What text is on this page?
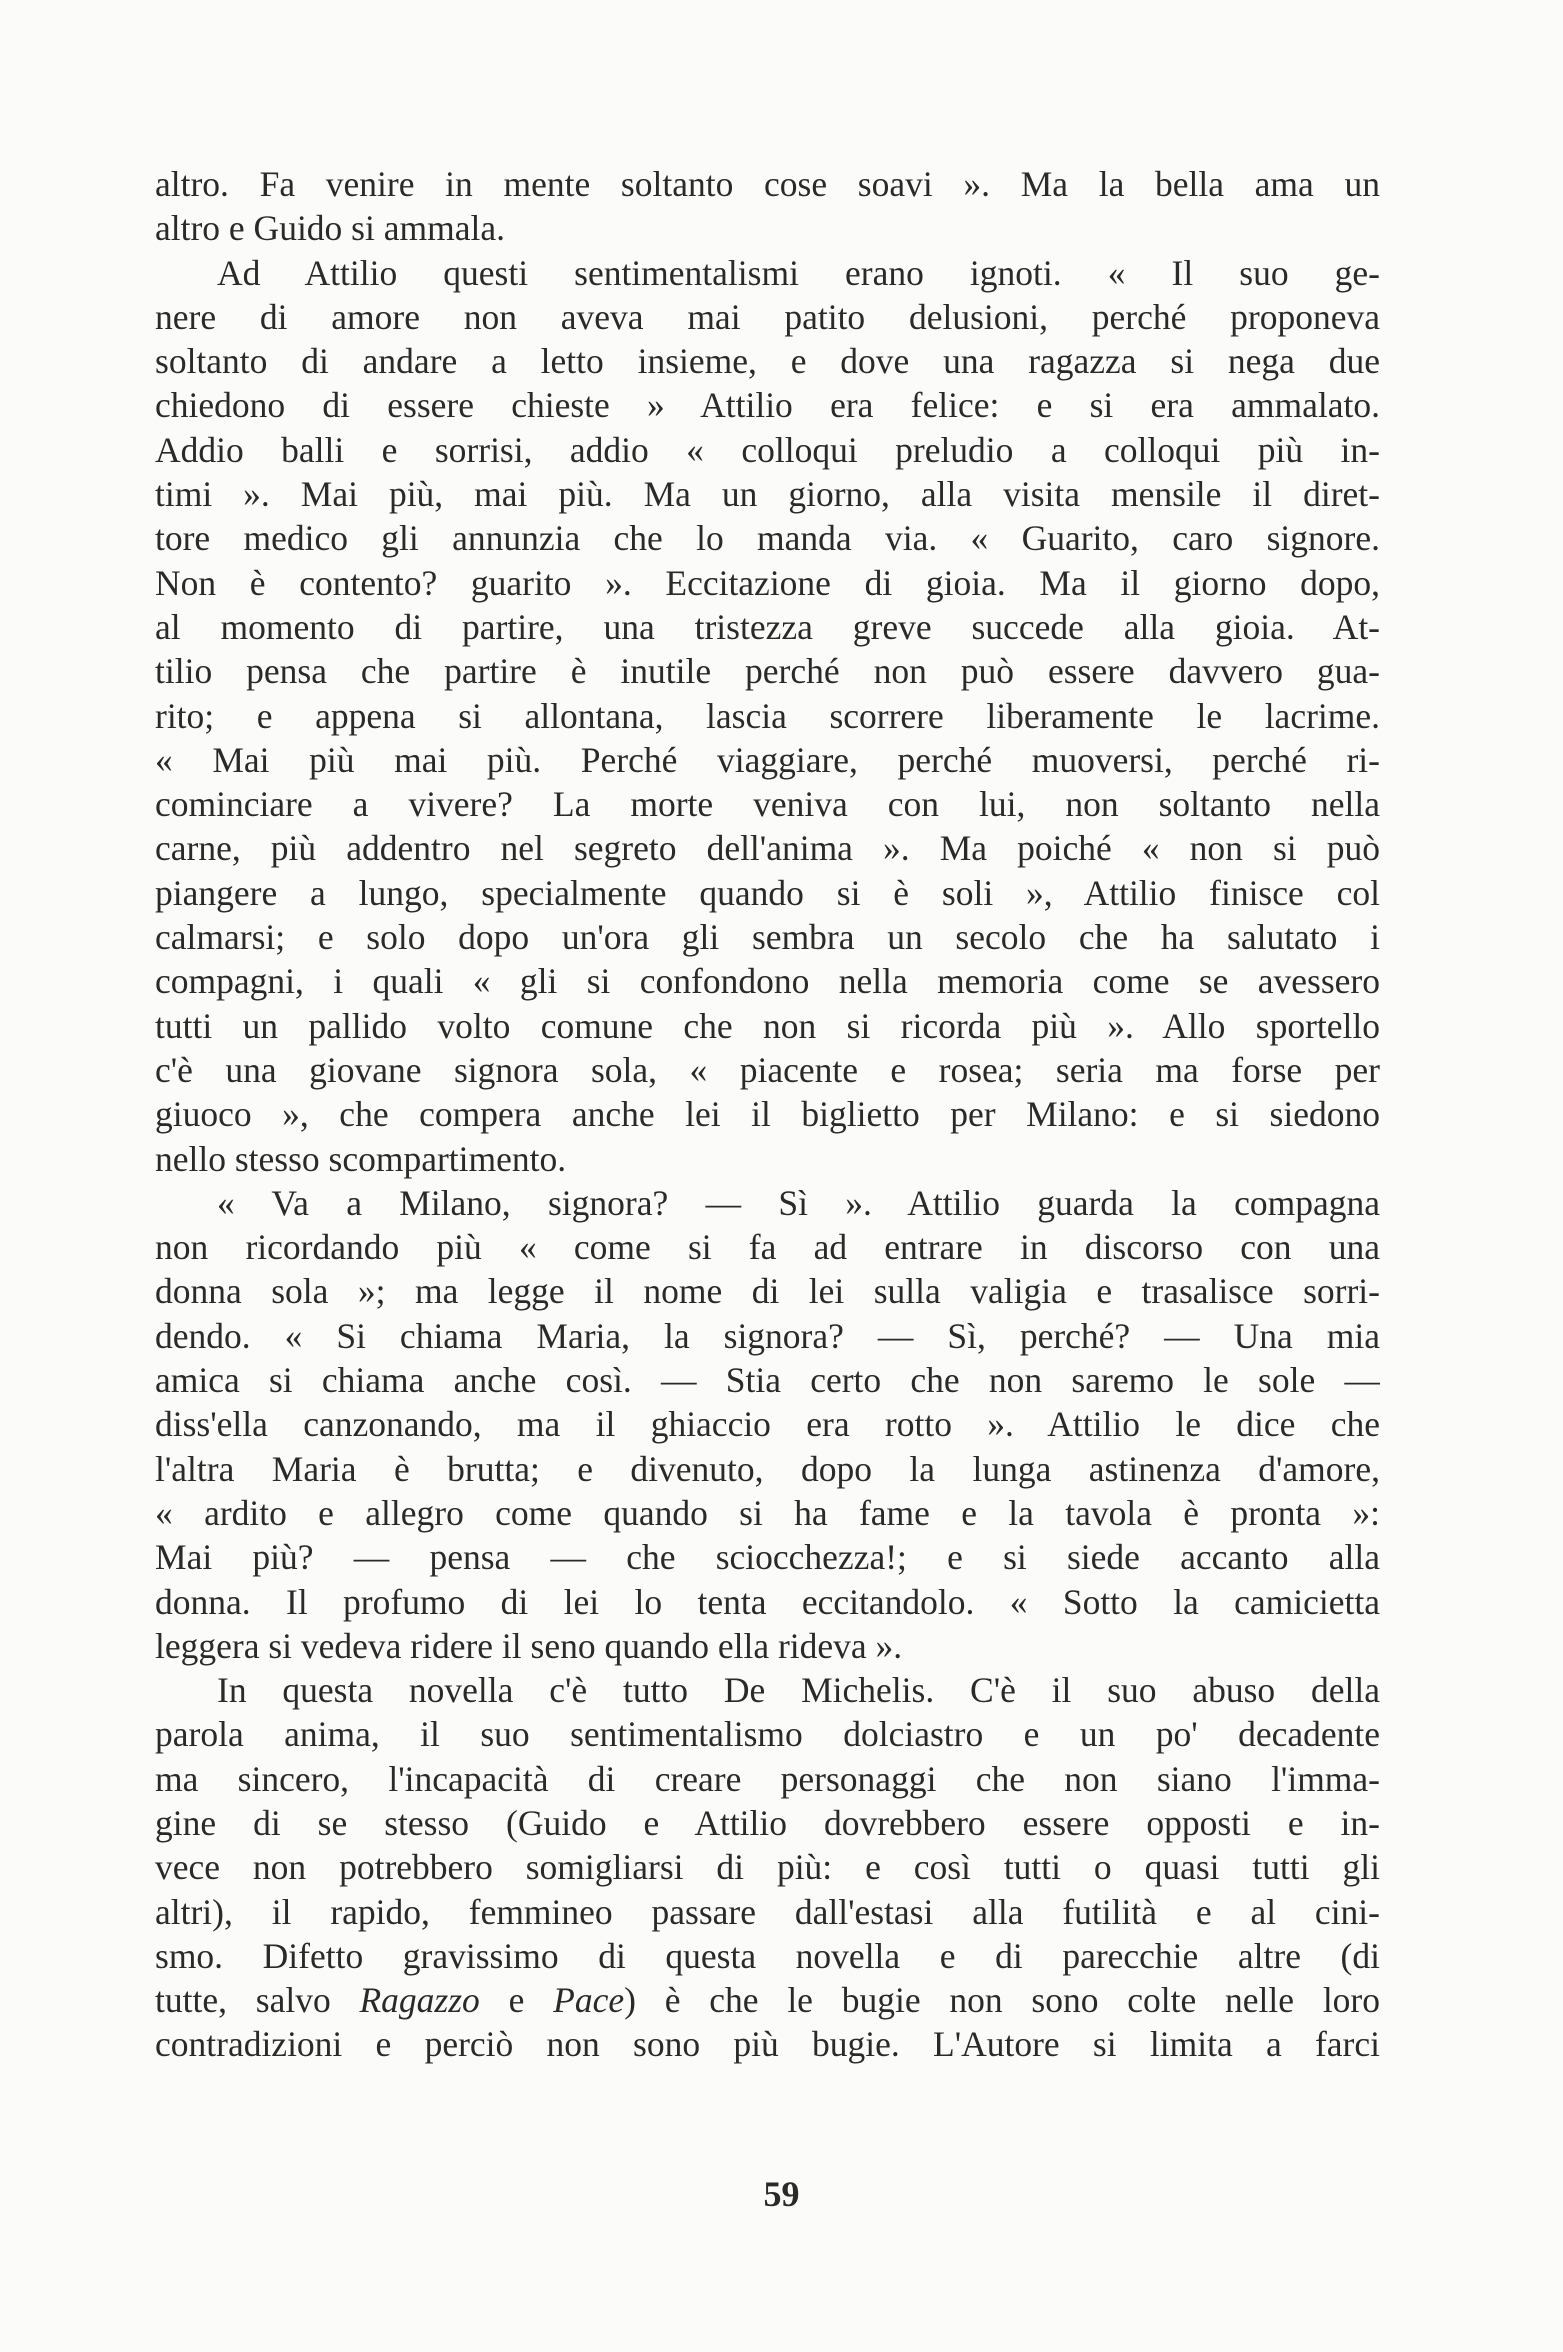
altro. Fa venire in mente soltanto cose soavi ». Ma la bella ama un
altro e Guido si ammala.
Ad Attilio questi sentimentalismi erano ignoti. « Il suo ge-
nere di amore non aveva mai patito delusioni, perché proponeva
soltanto di andare a letto insieme, e dove una ragazza si nega due
chiedono di essere chieste » Attilio era felice: e si era ammalato.
Addio balli e sorrisi, addio « colloqui preludio a colloqui più in-
timi ». Mai più, mai più. Ma un giorno, alla visita mensile il diret-
tore medico gli annunzia che lo manda via. « Guarito, caro signore.
Non è contento? guarito ». Eccitazione di gioia. Ma il giorno dopo,
al momento di partire, una tristezza greve succede alla gioia. At-
tilio pensa che partire è inutile perché non può essere davvero gua-
rito; e appena si allontana, lascia scorrere liberamente le lacrime.
« Mai più mai più. Perché viaggiare, perché muoversi, perché ri-
cominciare a vivere? La morte veniva con lui, non soltanto nella
carne, più addentro nel segreto dell'anima ». Ma poiché « non si può
piangere a lungo, specialmente quando si è soli », Attilio finisce col
calmarsi; e solo dopo un'ora gli sembra un secolo che ha salutato i
compagni, i quali « gli si confondono nella memoria come se avessero
tutti un pallido volto comune che non si ricorda più ». Allo sportello
c'è una giovane signora sola, « piacente e rosea; seria ma forse per
giuoco », che compera anche lei il biglietto per Milano: e si siedono
nello stesso scompartimento.
« Va a Milano, signora? — Sì ». Attilio guarda la compagna
non ricordando più « come si fa ad entrare in discorso con una
donna sola »; ma legge il nome di lei sulla valigia e trasalisce sorri-
dendo. « Si chiama Maria, la signora? — Sì, perché? — Una mia
amica si chiama anche così. — Stia certo che non saremo le sole —
diss'ella canzonando, ma il ghiaccio era rotto ». Attilio le dice che
l'altra Maria è brutta; e divenuto, dopo la lunga astinenza d'amore,
« ardito e allegro come quando si ha fame e la tavola è pronta »:
Mai più? — pensa — che sciocchezza!; e si siede accanto alla
donna. Il profumo di lei lo tenta eccitandolo. « Sotto la camicietta
leggera si vedeva ridere il seno quando ella rideva ».
In questa novella c'è tutto De Michelis. C'è il suo abuso della
parola anima, il suo sentimentalismo dolciastro e un po' decadente
ma sincero, l'incapacità di creare personaggi che non siano l'imma-
gine di se stesso (Guido e Attilio dovrebbero essere opposti e in-
vece non potrebbero somigliarsi di più: e così tutti o quasi tutti gli
altri), il rapido, femmineo passare dall'estasi alla futilità e al cini-
smo. Difetto gravissimo di questa novella e di parecchie altre (di
tutte, salvo Ragazzo e Pace) è che le bugie non sono colte nelle loro
contradizioni e perciò non sono più bugie. L'Autore si limita a farci
59
